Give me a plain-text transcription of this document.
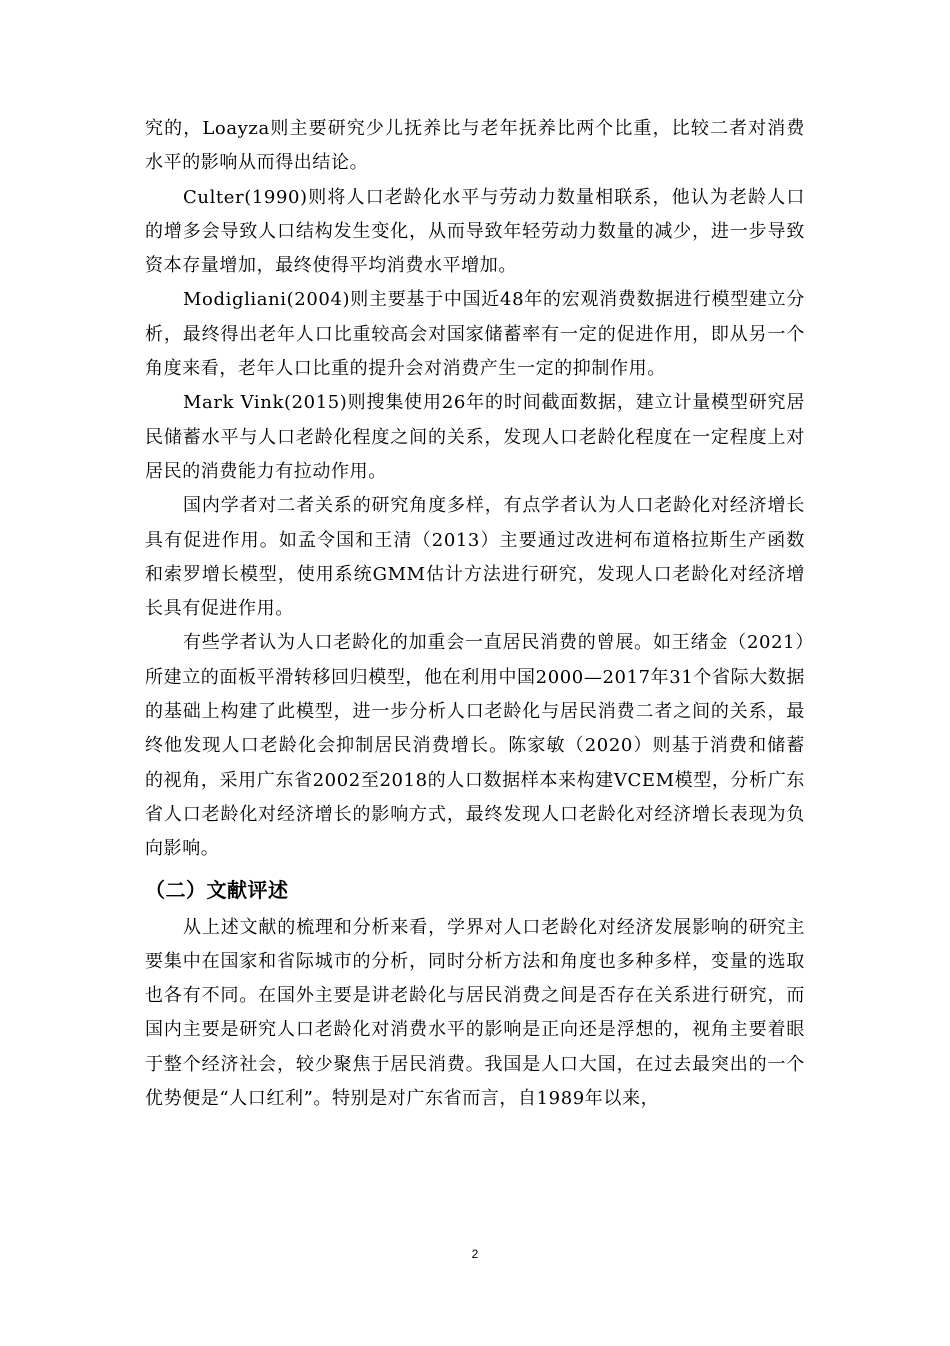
究的，Loayza则主要研究少儿抚养比与老年抚养比两个比重，比较二者对消费水平的影响从而得出结论。

Culter(1990)则将人口老龄化水平与劳动力数量相联系，他认为老龄人口的增多会导致人口结构发生变化，从而导致年轻劳动力数量的减少，进一步导致资本存量增加，最终使得平均消费水平增加。

Modigliani(2004)则主要基于中国近48年的宏观消费数据进行模型建立分析，最终得出老年人口比重较高会对国家储蓄率有一定的促进作用，即从另一个角度来看，老年人口比重的提升会对消费产生一定的抑制作用。

Mark Vink(2015)则搜集使用26年的时间截面数据，建立计量模型研究居民储蓄水平与人口老龄化程度之间的关系，发现人口老龄化程度在一定程度上对居民的消费能力有拉动作用。

国内学者对二者关系的研究角度多样，有点学者认为人口老龄化对经济增长具有促进作用。如孟令国和王清（2013）主要通过改进柯布道格拉斯生产函数和索罗增长模型，使用系统GMM估计方法进行研究，发现人口老龄化对经济增长具有促进作用。

有些学者认为人口老龄化的加重会一直居民消费的曾展。如王绪金（2021）所建立的面板平滑转移回归模型，他在利用中国2000—2017年31个省际大数据的基础上构建了此模型，进一步分析人口老龄化与居民消费二者之间的关系，最终他发现人口老龄化会抑制居民消费增长。陈家敏（2020）则基于消费和储蓄的视角，采用广东省2002至2018的人口数据样本来构建VCEM模型，分析广东省人口老龄化对经济增长的影响方式，最终发现人口老龄化对经济增长表现为负向影响。

（二）文献评述

从上述文献的梳理和分析来看，学界对人口老龄化对经济发展影响的研究主要集中在国家和省际城市的分析，同时分析方法和角度也多种多样，变量的选取也各有不同。在国外主要是讲老龄化与居民消费之间是否存在关系进行研究，而国内主要是研究人口老龄化对消费水平的影响是正向还是浮想的，视角主要着眼于整个经济社会，较少聚焦于居民消费。我国是人口大国，在过去最突出的一个优势便是“人口红利”。特别是对广东省而言，自1989年以来，

2
